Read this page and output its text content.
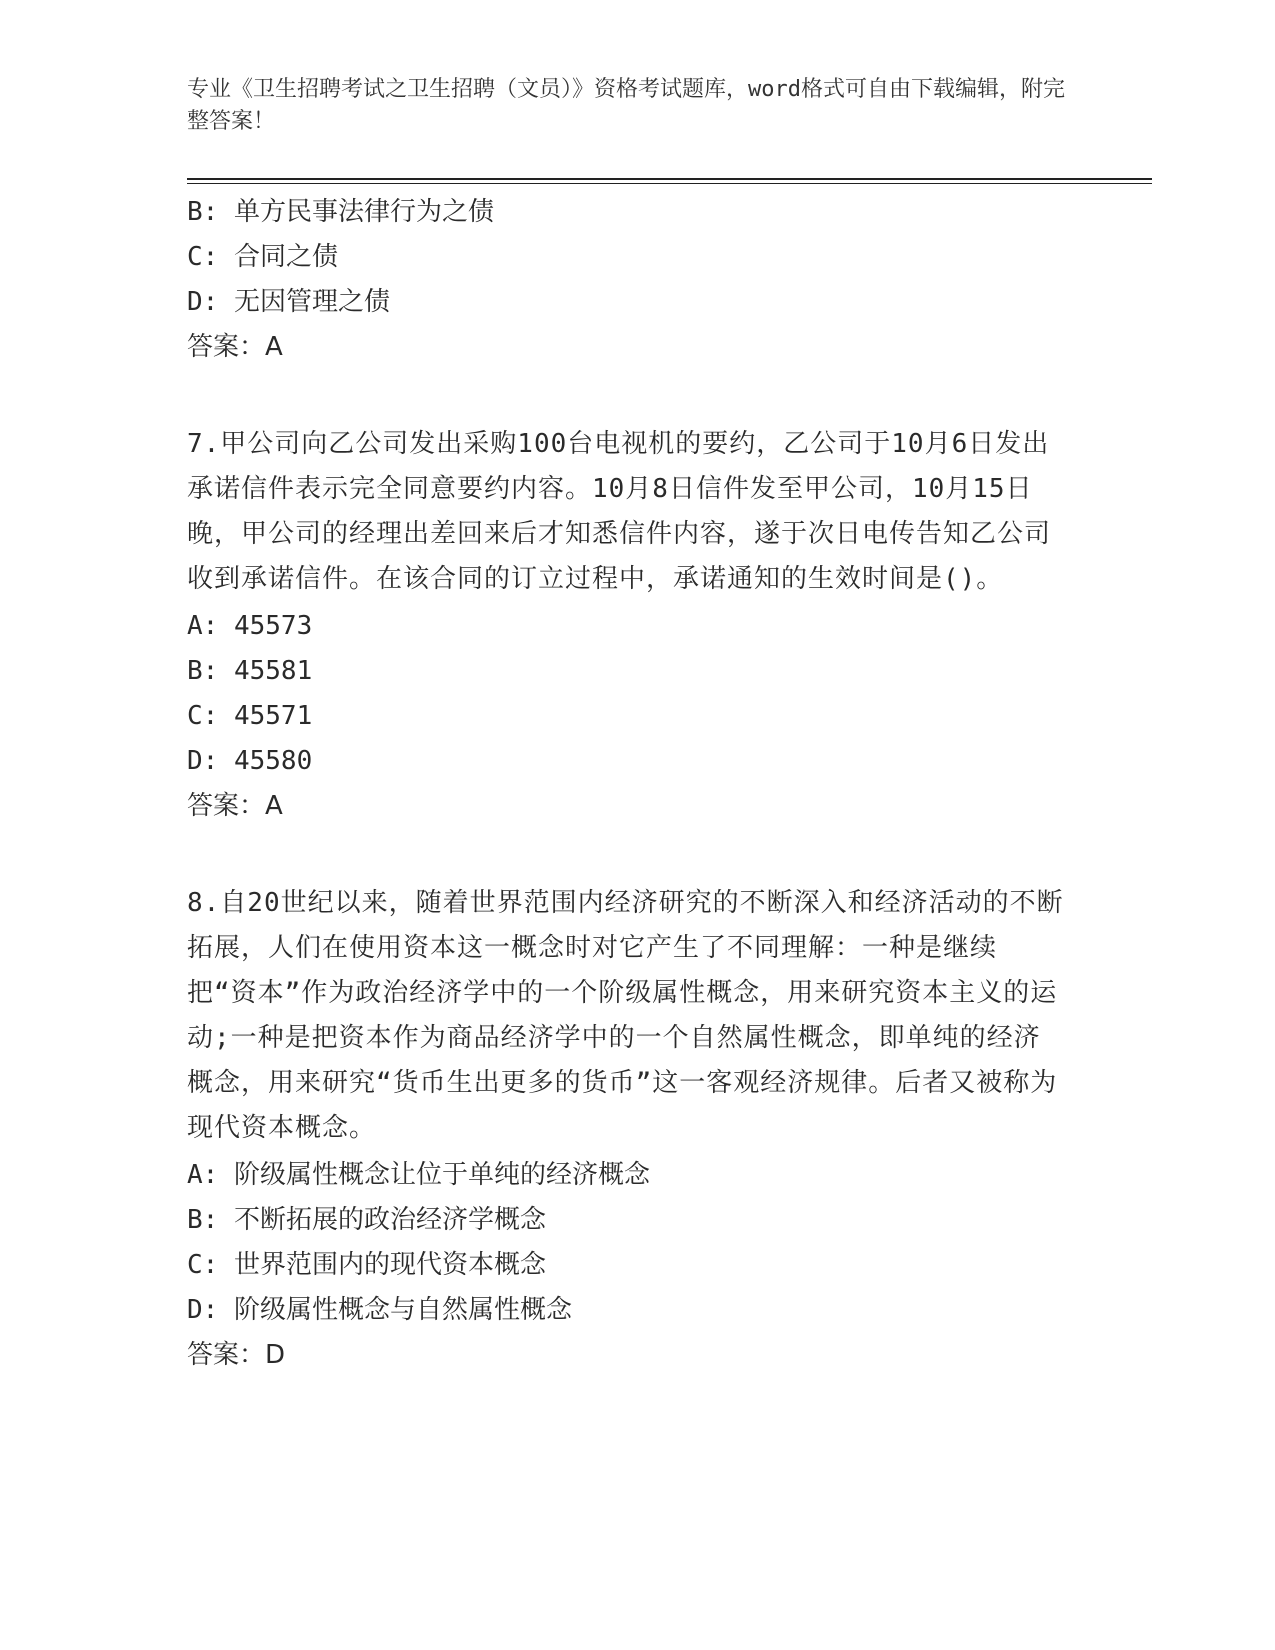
专业《卫生招聘考试之卫生招聘（文员）》资格考试题库，word格式可自由下载编辑，附完整答案！
B: 单方民事法律行为之债
C: 合同之债
D: 无因管理之债
答案：A
7.甲公司向乙公司发出采购100台电视机的要约，乙公司于10月6日发出承诺信件表示完全同意要约内容。10月8日信件发至甲公司，10月15日晚，甲公司的经理出差回来后才知悉信件内容，遂于次日电传告知乙公司收到承诺信件。在该合同的订立过程中，承诺通知的生效时间是()。
A: 45573
B: 45581
C: 45571
D: 45580
答案：A
8.自20世纪以来，随着世界范围内经济研究的不断深入和经济活动的不断拓展，人们在使用资本这一概念时对它产生了不同理解：一种是继续把“资本”作为政治经济学中的一个阶级属性概念，用来研究资本主义的运动;一种是把资本作为商品经济学中的一个自然属性概念，即单纯的经济概念，用来研究“货币生出更多的货币”这一客观经济规律。后者又被称为现代资本概念。
A: 阶级属性概念让位于单纯的经济概念
B: 不断拓展的政治经济学概念
C: 世界范围内的现代资本概念
D: 阶级属性概念与自然属性概念
答案：D
